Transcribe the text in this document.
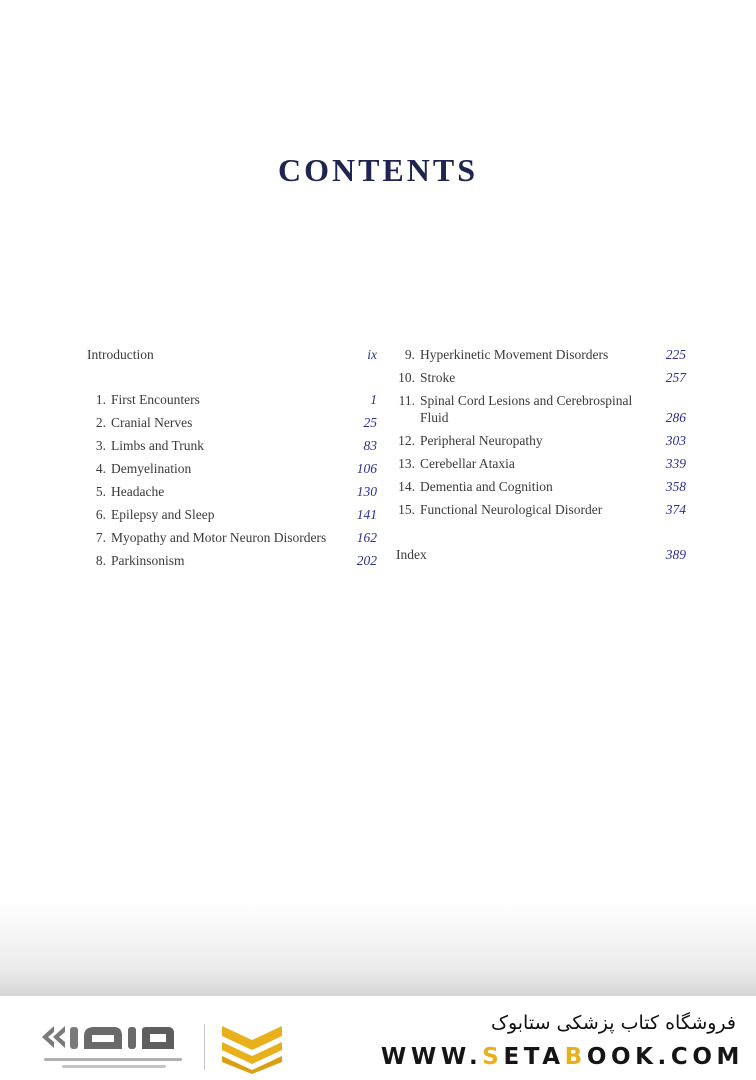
CONTENTS
Introduction	ix
1. First Encounters	1
2. Cranial Nerves	25
3. Limbs and Trunk	83
4. Demyelination	106
5. Headache	130
6. Epilepsy and Sleep	141
7. Myopathy and Motor Neuron Disorders	162
8. Parkinsonism	202
9. Hyperkinetic Movement Disorders	225
10. Stroke	257
11. Spinal Cord Lesions and Cerebrospinal Fluid	286
12. Peripheral Neuropathy	303
13. Cerebellar Ataxia	339
14. Dementia and Cognition	358
15. Functional Neurological Disorder	374
Index	389
فروشگاه کتاب پزشکی ستابوک
WWW.SETABOOK.COM
